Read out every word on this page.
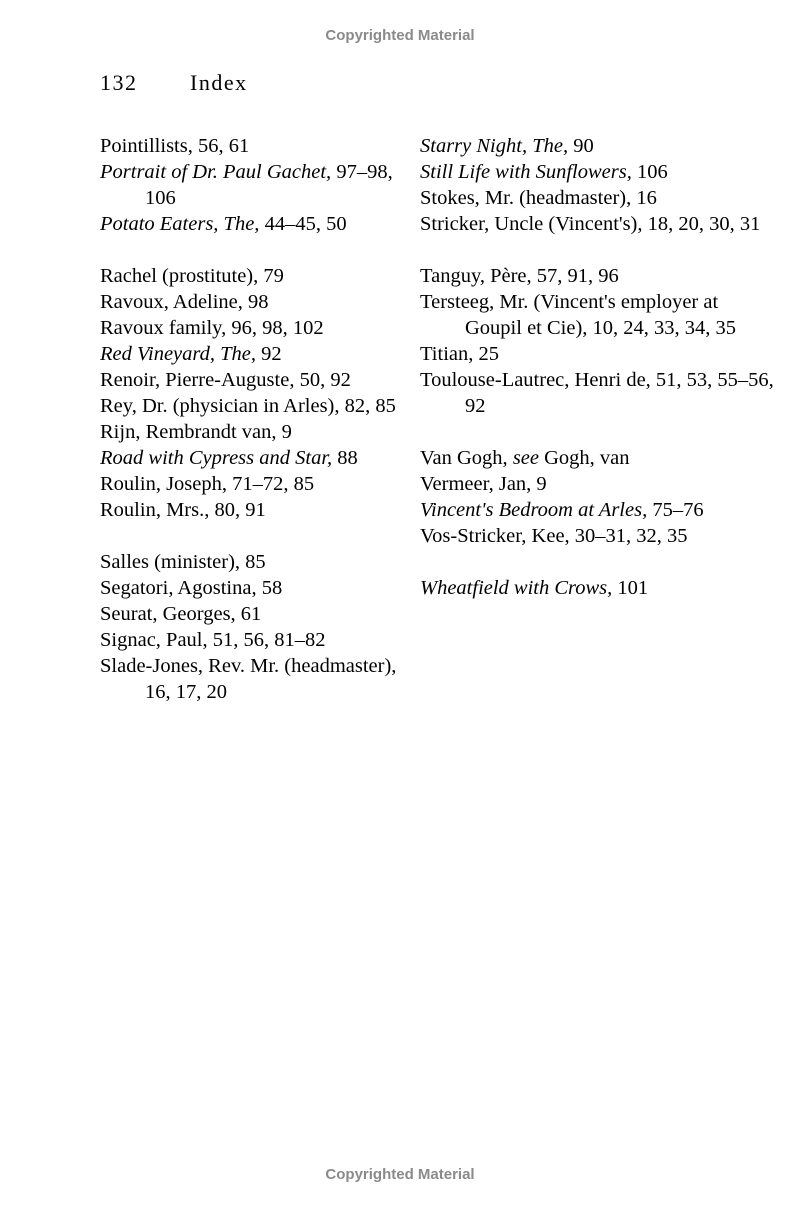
Copyrighted Material
132 Index
Pointillists, 56, 61
Portrait of Dr. Paul Gachet, 97–98, 106
Potato Eaters, The, 44–45, 50
Rachel (prostitute), 79
Ravoux, Adeline, 98
Ravoux family, 96, 98, 102
Red Vineyard, The, 92
Renoir, Pierre-Auguste, 50, 92
Rey, Dr. (physician in Arles), 82, 85
Rijn, Rembrandt van, 9
Road with Cypress and Star, 88
Roulin, Joseph, 71–72, 85
Roulin, Mrs., 80, 91
Salles (minister), 85
Segatori, Agostina, 58
Seurat, Georges, 61
Signac, Paul, 51, 56, 81–82
Slade-Jones, Rev. Mr. (headmaster), 16, 17, 20
Starry Night, The, 90
Still Life with Sunflowers, 106
Stokes, Mr. (headmaster), 16
Stricker, Uncle (Vincent's), 18, 20, 30, 31
Tanguy, Père, 57, 91, 96
Tersteeg, Mr. (Vincent's employer at Goupil et Cie), 10, 24, 33, 34, 35
Titian, 25
Toulouse-Lautrec, Henri de, 51, 53, 55–56, 92
Van Gogh, see Gogh, van
Vermeer, Jan, 9
Vincent's Bedroom at Arles, 75–76
Vos-Stricker, Kee, 30–31, 32, 35
Wheatfield with Crows, 101
Copyrighted Material
